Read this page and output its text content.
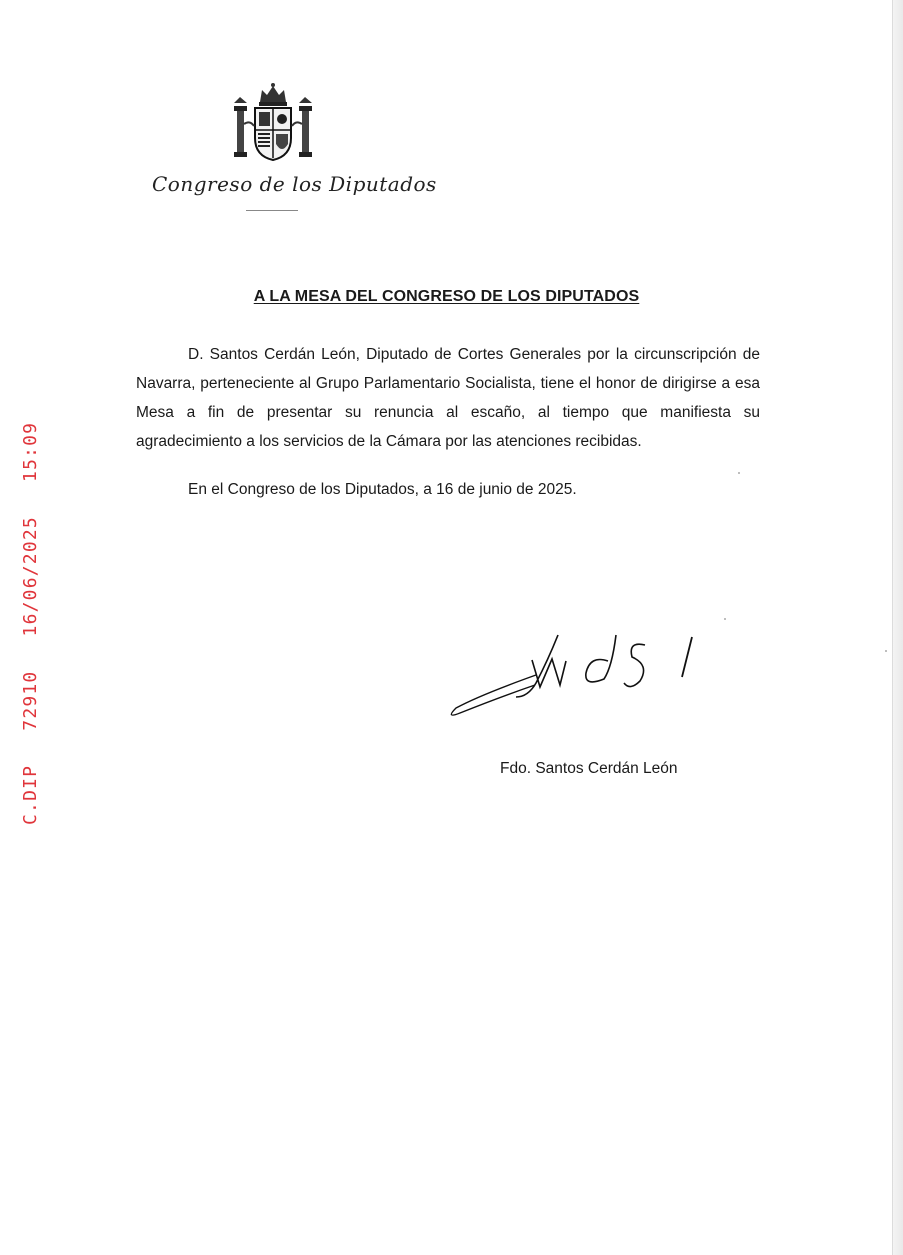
Congreso de los Diputados
A LA MESA DEL CONGRESO DE LOS DIPUTADOS

D. Santos Cerdán León, Diputado de Cortes Generales por la circunscripción de Navarra, perteneciente al Grupo Parlamentario Socialista, tiene el honor de dirigirse a esa Mesa a fin de presentar su renuncia al escaño, al tiempo que manifiesta su agradecimiento a los servicios de la Cámara por las atenciones recibidas.

En el Congreso de los Diputados, a 16 de junio de 2025.
Fdo. Santos Cerdán León
C.DIP  72910  16/06/2025  15:09
